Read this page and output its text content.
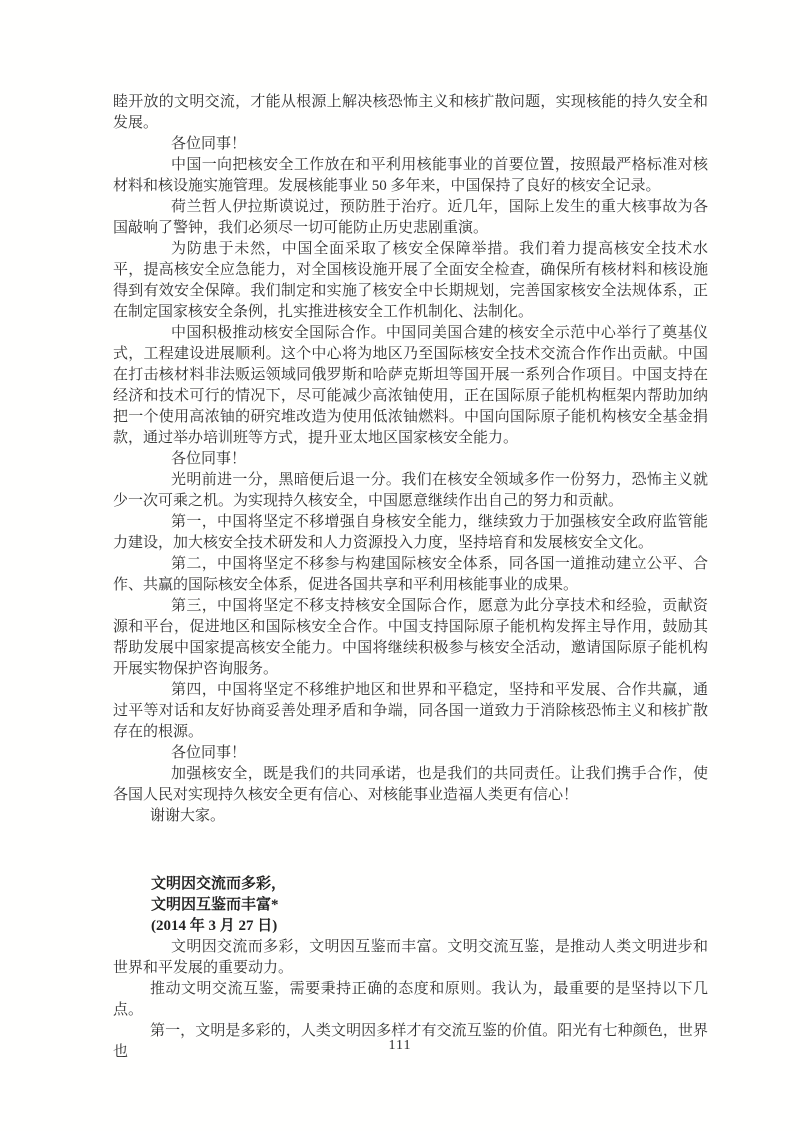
睦开放的文明交流，才能从根源上解决核恐怖主义和核扩散问题，实现核能的持久安全和发展。

各位同事！

中国一向把核安全工作放在和平利用核能事业的首要位置，按照最严格标准对核材料和核设施实施管理。发展核能事业 50 多年来，中国保持了良好的核安全记录。

荷兰哲人伊拉斯谟说过，预防胜于治疗。近几年，国际上发生的重大核事故为各国敲响了警钟，我们必须尽一切可能防止历史悲剧重演。

为防患于未然，中国全面采取了核安全保障举措。我们着力提高核安全技术水平，提高核安全应急能力，对全国核设施开展了全面安全检查，确保所有核材料和核设施得到有效安全保障。我们制定和实施了核安全中长期规划，完善国家核安全法规体系，正在制定国家核安全条例，扎实推进核安全工作机制化、法制化。

中国积极推动核安全国际合作。中国同美国合建的核安全示范中心举行了奠基仪式，工程建设进展顺利。这个中心将为地区乃至国际核安全技术交流合作作出贡献。中国在打击核材料非法贩运领域同俄罗斯和哈萨克斯坦等国开展一系列合作项目。中国支持在经济和技术可行的情况下，尽可能减少高浓铀使用，正在国际原子能机构框架内帮助加纳把一个使用高浓铀的研究堆改造为使用低浓铀燃料。中国向国际原子能机构核安全基金捐款，通过举办培训班等方式，提升亚太地区国家核安全能力。

各位同事！

光明前进一分，黑暗便后退一分。我们在核安全领域多作一份努力，恐怖主义就少一次可乘之机。为实现持久核安全，中国愿意继续作出自己的努力和贡献。

第一，中国将坚定不移增强自身核安全能力，继续致力于加强核安全政府监管能力建设，加大核安全技术研发和人力资源投入力度，坚持培育和发展核安全文化。

第二，中国将坚定不移参与构建国际核安全体系，同各国一道推动建立公平、合作、共赢的国际核安全体系，促进各国共享和平利用核能事业的成果。

第三，中国将坚定不移支持核安全国际合作，愿意为此分享技术和经验，贡献资源和平台，促进地区和国际核安全合作。中国支持国际原子能机构发挥主导作用，鼓励其帮助发展中国家提高核安全能力。中国将继续积极参与核安全活动，邀请国际原子能机构开展实物保护咨询服务。

第四，中国将坚定不移维护地区和世界和平稳定，坚持和平发展、合作共赢，通过平等对话和友好协商妥善处理矛盾和争端，同各国一道致力于消除核恐怖主义和核扩散存在的根源。

各位同事！

加强核安全，既是我们的共同承诺，也是我们的共同责任。让我们携手合作，使各国人民对实现持久核安全更有信心、对核能事业造福人类更有信心！

谢谢大家。

文明因交流而多彩，
文明因互鉴而丰富*
(2014 年 3 月 27 日)

文明因交流而多彩，文明因互鉴而丰富。文明交流互鉴，是推动人类文明进步和世界和平发展的重要动力。

推动文明交流互鉴，需要秉持正确的态度和原则。我认为，最重要的是坚持以下几点。

第一，文明是多彩的，人类文明因多样才有交流互鉴的价值。阳光有七种颜色，世界也	111
